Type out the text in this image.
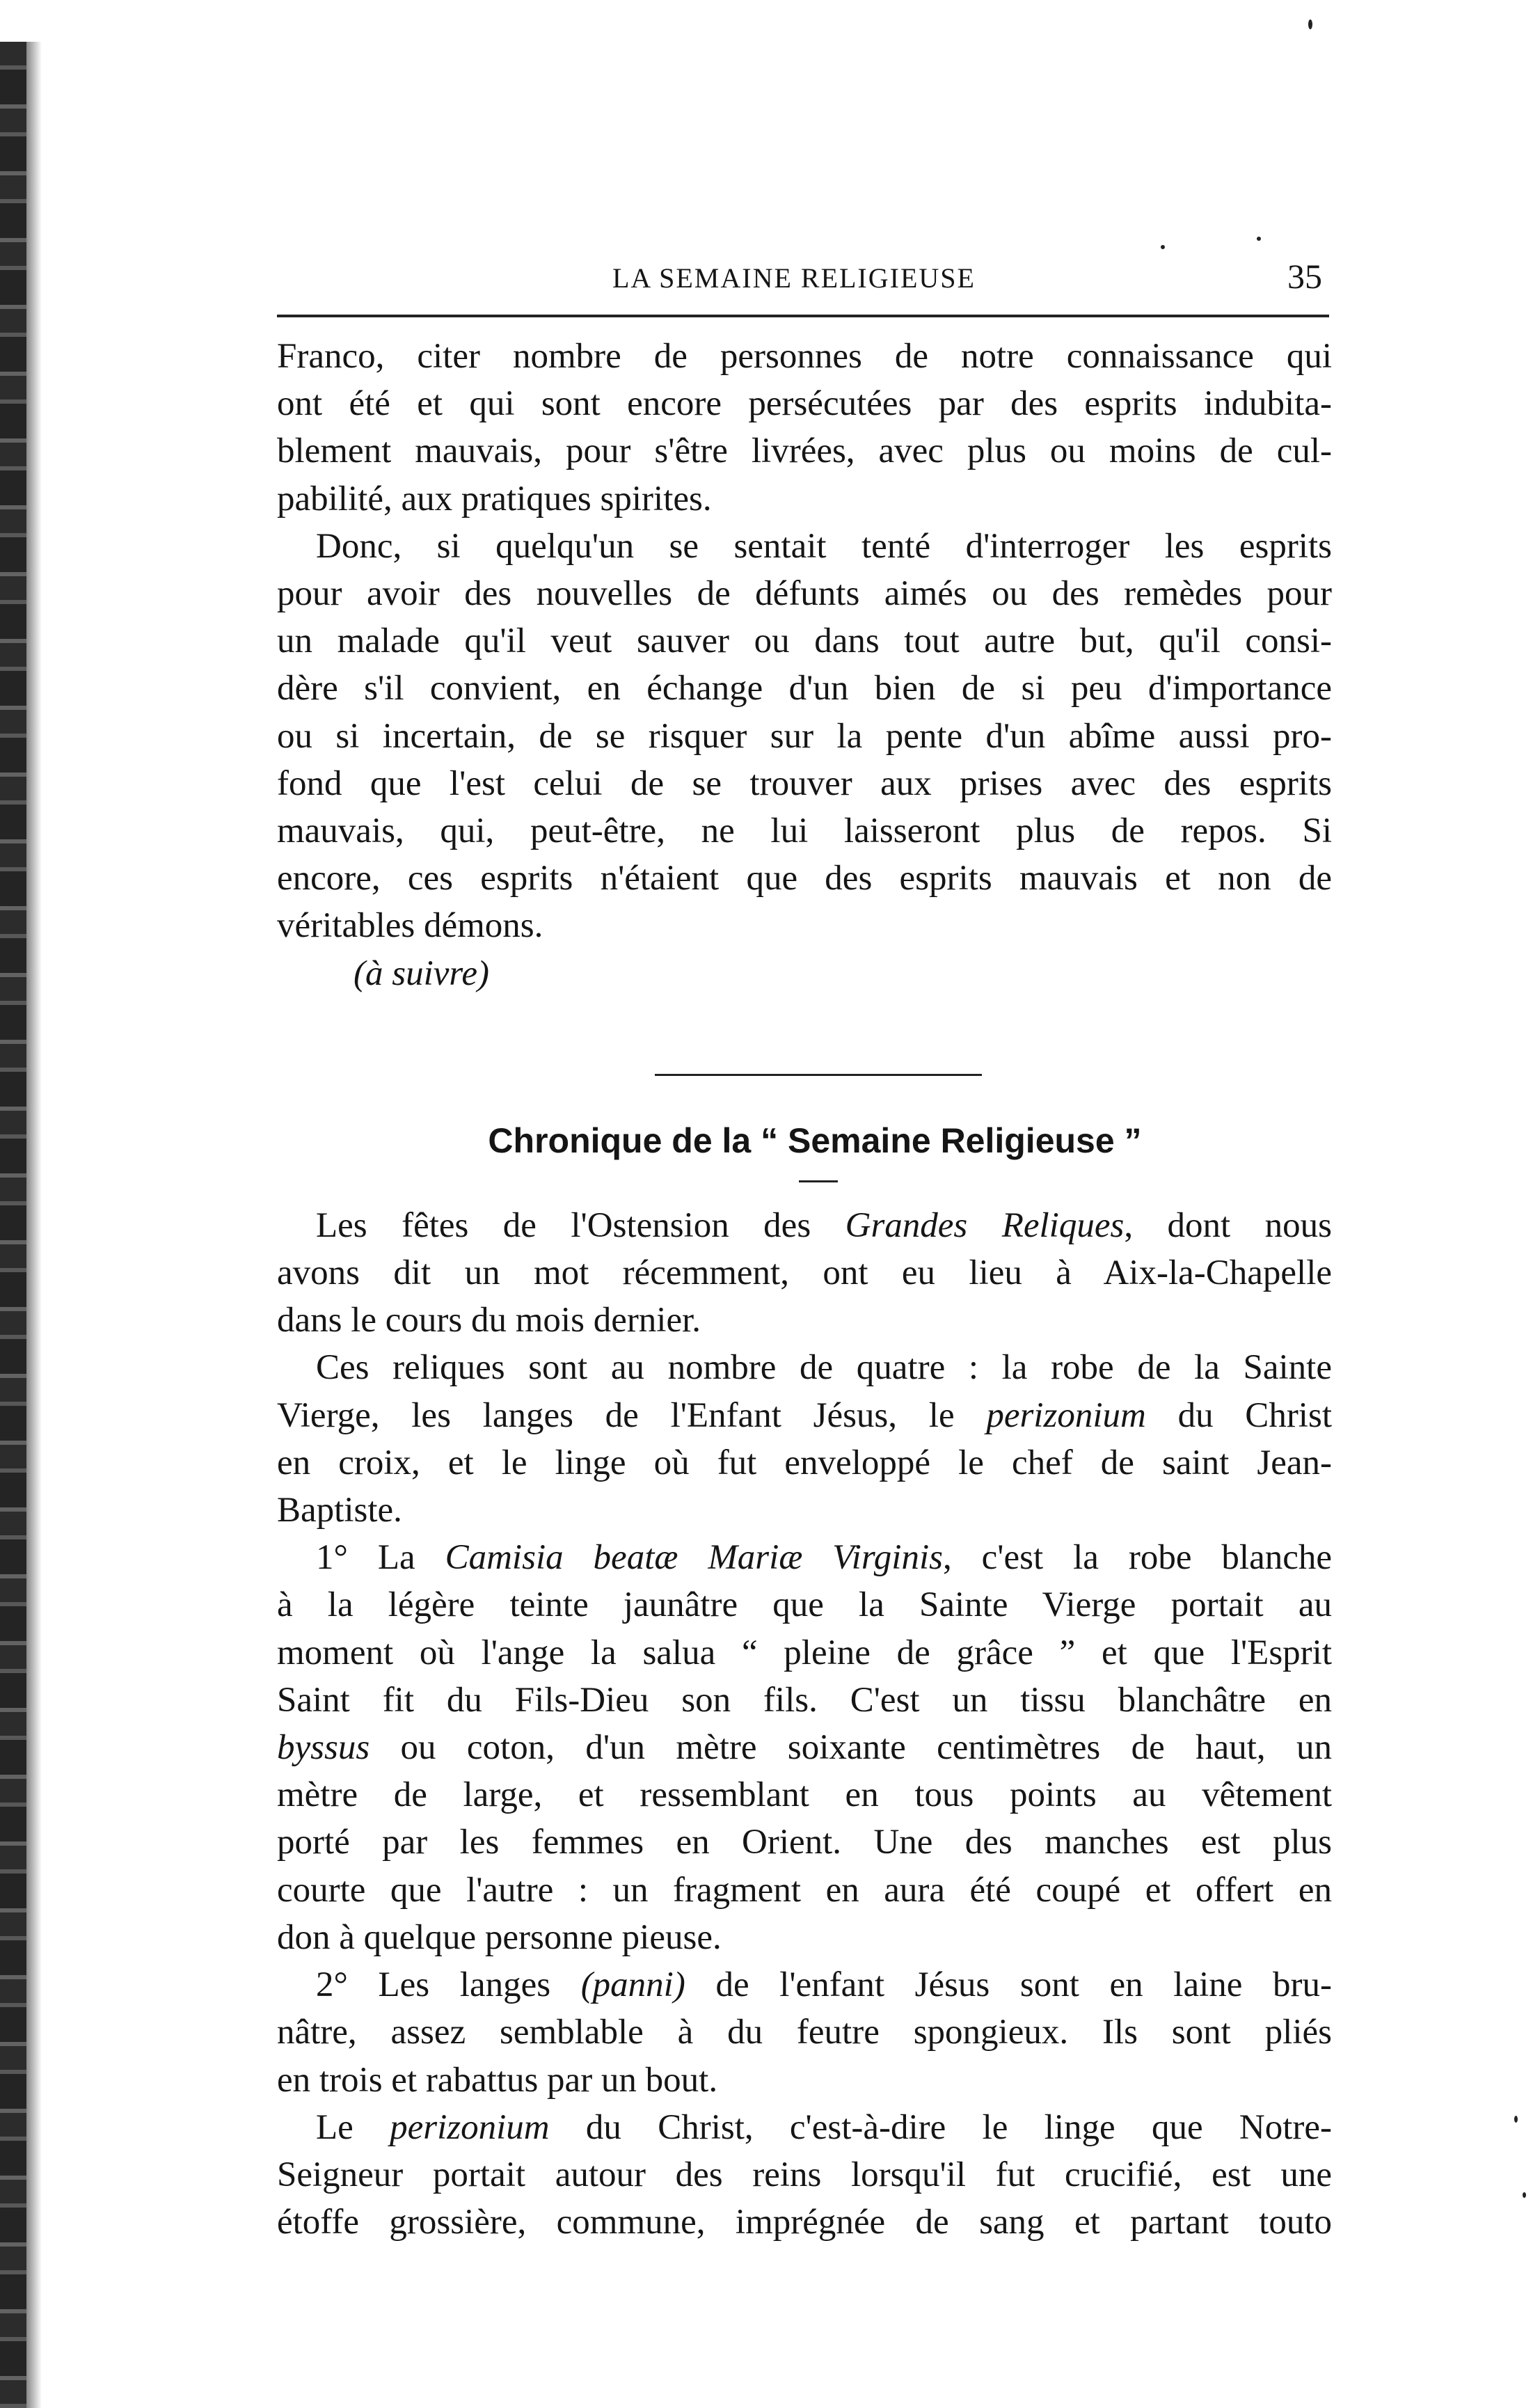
LA SEMAINE RELIGIEUSE	35

Franco, citer nombre de personnes de notre connaissance qui
ont été et qui sont encore persécutées par des esprits indubita-
blement mauvais, pour s'être livrées, avec plus ou moins de cul-
pabilité, aux pratiques spirites.

Donc, si quelqu'un se sentait tenté d'interroger les esprits
pour avoir des nouvelles de défunts aimés ou des remèdes pour
un malade qu'il veut sauver ou dans tout autre but, qu'il consi-
dère s'il convient, en échange d'un bien de si peu d'importance
ou si incertain, de se risquer sur la pente d'un abîme aussi pro-
fond que l'est celui de se trouver aux prises avec des esprits
mauvais, qui, peut-être, ne lui laisseront plus de repos. Si
encore, ces esprits n'étaient que des esprits mauvais et non de
véritables démons.

(à suivre)

Chronique de la “ Semaine Religieuse ”

Les fêtes de l'Ostension des Grandes Reliques, dont nous
avons dit un mot récemment, ont eu lieu à Aix-la-Chapelle
dans le cours du mois dernier.

Ces reliques sont au nombre de quatre : la robe de la Sainte
Vierge, les langes de l'Enfant Jésus, le perizonium du Christ
en croix, et le linge où fut enveloppé le chef de saint Jean-
Baptiste.

1° La Camisia beatæ Mariæ Virginis, c'est la robe blanche
à la légère teinte jaunâtre que la Sainte Vierge portait au
moment où l'ange la salua “ pleine de grâce ” et que l'Esprit
Saint fit du Fils-Dieu son fils. C'est un tissu blanchâtre en
byssus ou coton, d'un mètre soixante centimètres de haut, un
mètre de large, et ressemblant en tous points au vêtement
porté par les femmes en Orient. Une des manches est plus
courte que l'autre : un fragment en aura été coupé et offert en
don à quelque personne pieuse.

2° Les langes (panni) de l'enfant Jésus sont en laine bru-
nâtre, assez semblable à du feutre spongieux. Ils sont pliés
en trois et rabattus par un bout.

Le perizonium du Christ, c'est-à-dire le linge que Notre-
Seigneur portait autour des reins lorsqu'il fut crucifié, est une
étoffe grossière, commune, imprégnée de sang et partant touto
